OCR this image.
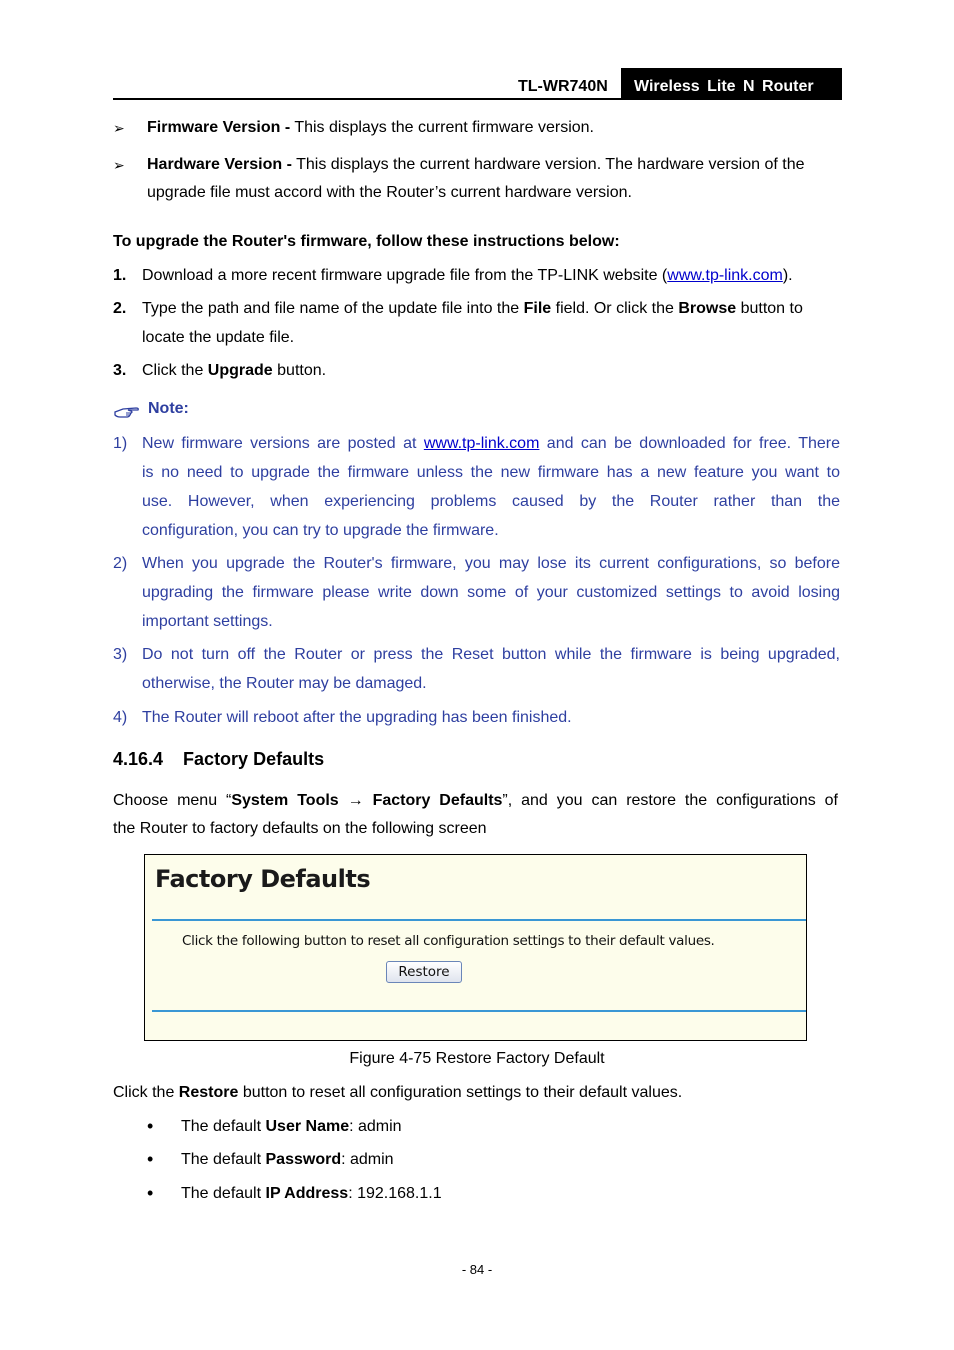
TL-WR740N Wireless Lite N Router
➢ Firmware Version - This displays the current firmware version.
➢ Hardware Version - This displays the current hardware version. The hardware version of the
upgrade file must accord with the Router’s current hardware version.
To upgrade the Router's firmware, follow these instructions below:
1. Download a more recent firmware upgrade file from the TP-LINK website (www.tp-link.com).
2. Type the path and file name of the update file into the File field. Or click the Browse button to
locate the update file.
3. Click the Upgrade button.
Note:
1) New firmware versions are posted at www.tp-link.com and can be downloaded for free. There
is no need to upgrade the firmware unless the new firmware has a new feature you want to
use. However, when experiencing problems caused by the Router rather than the
configuration, you can try to upgrade the firmware.
2) When you upgrade the Router's firmware, you may lose its current configurations, so before
upgrading the firmware please write down some of your customized settings to avoid losing
important settings.
3) Do not turn off the Router or press the Reset button while the firmware is being upgraded,
otherwise, the Router may be damaged.
4) The Router will reboot after the upgrading has been finished.
4.16.4 Factory Defaults
Choose menu “System Tools → Factory Defaults”, and you can restore the configurations of
the Router to factory defaults on the following screen
Factory Defaults
Click the following button to reset all configuration settings to their default values.
Restore
Figure 4-75 Restore Factory Default
Click the Restore button to reset all configuration settings to their default values.
• The default User Name: admin
• The default Password: admin
• The default IP Address: 192.168.1.1
- 84 -
